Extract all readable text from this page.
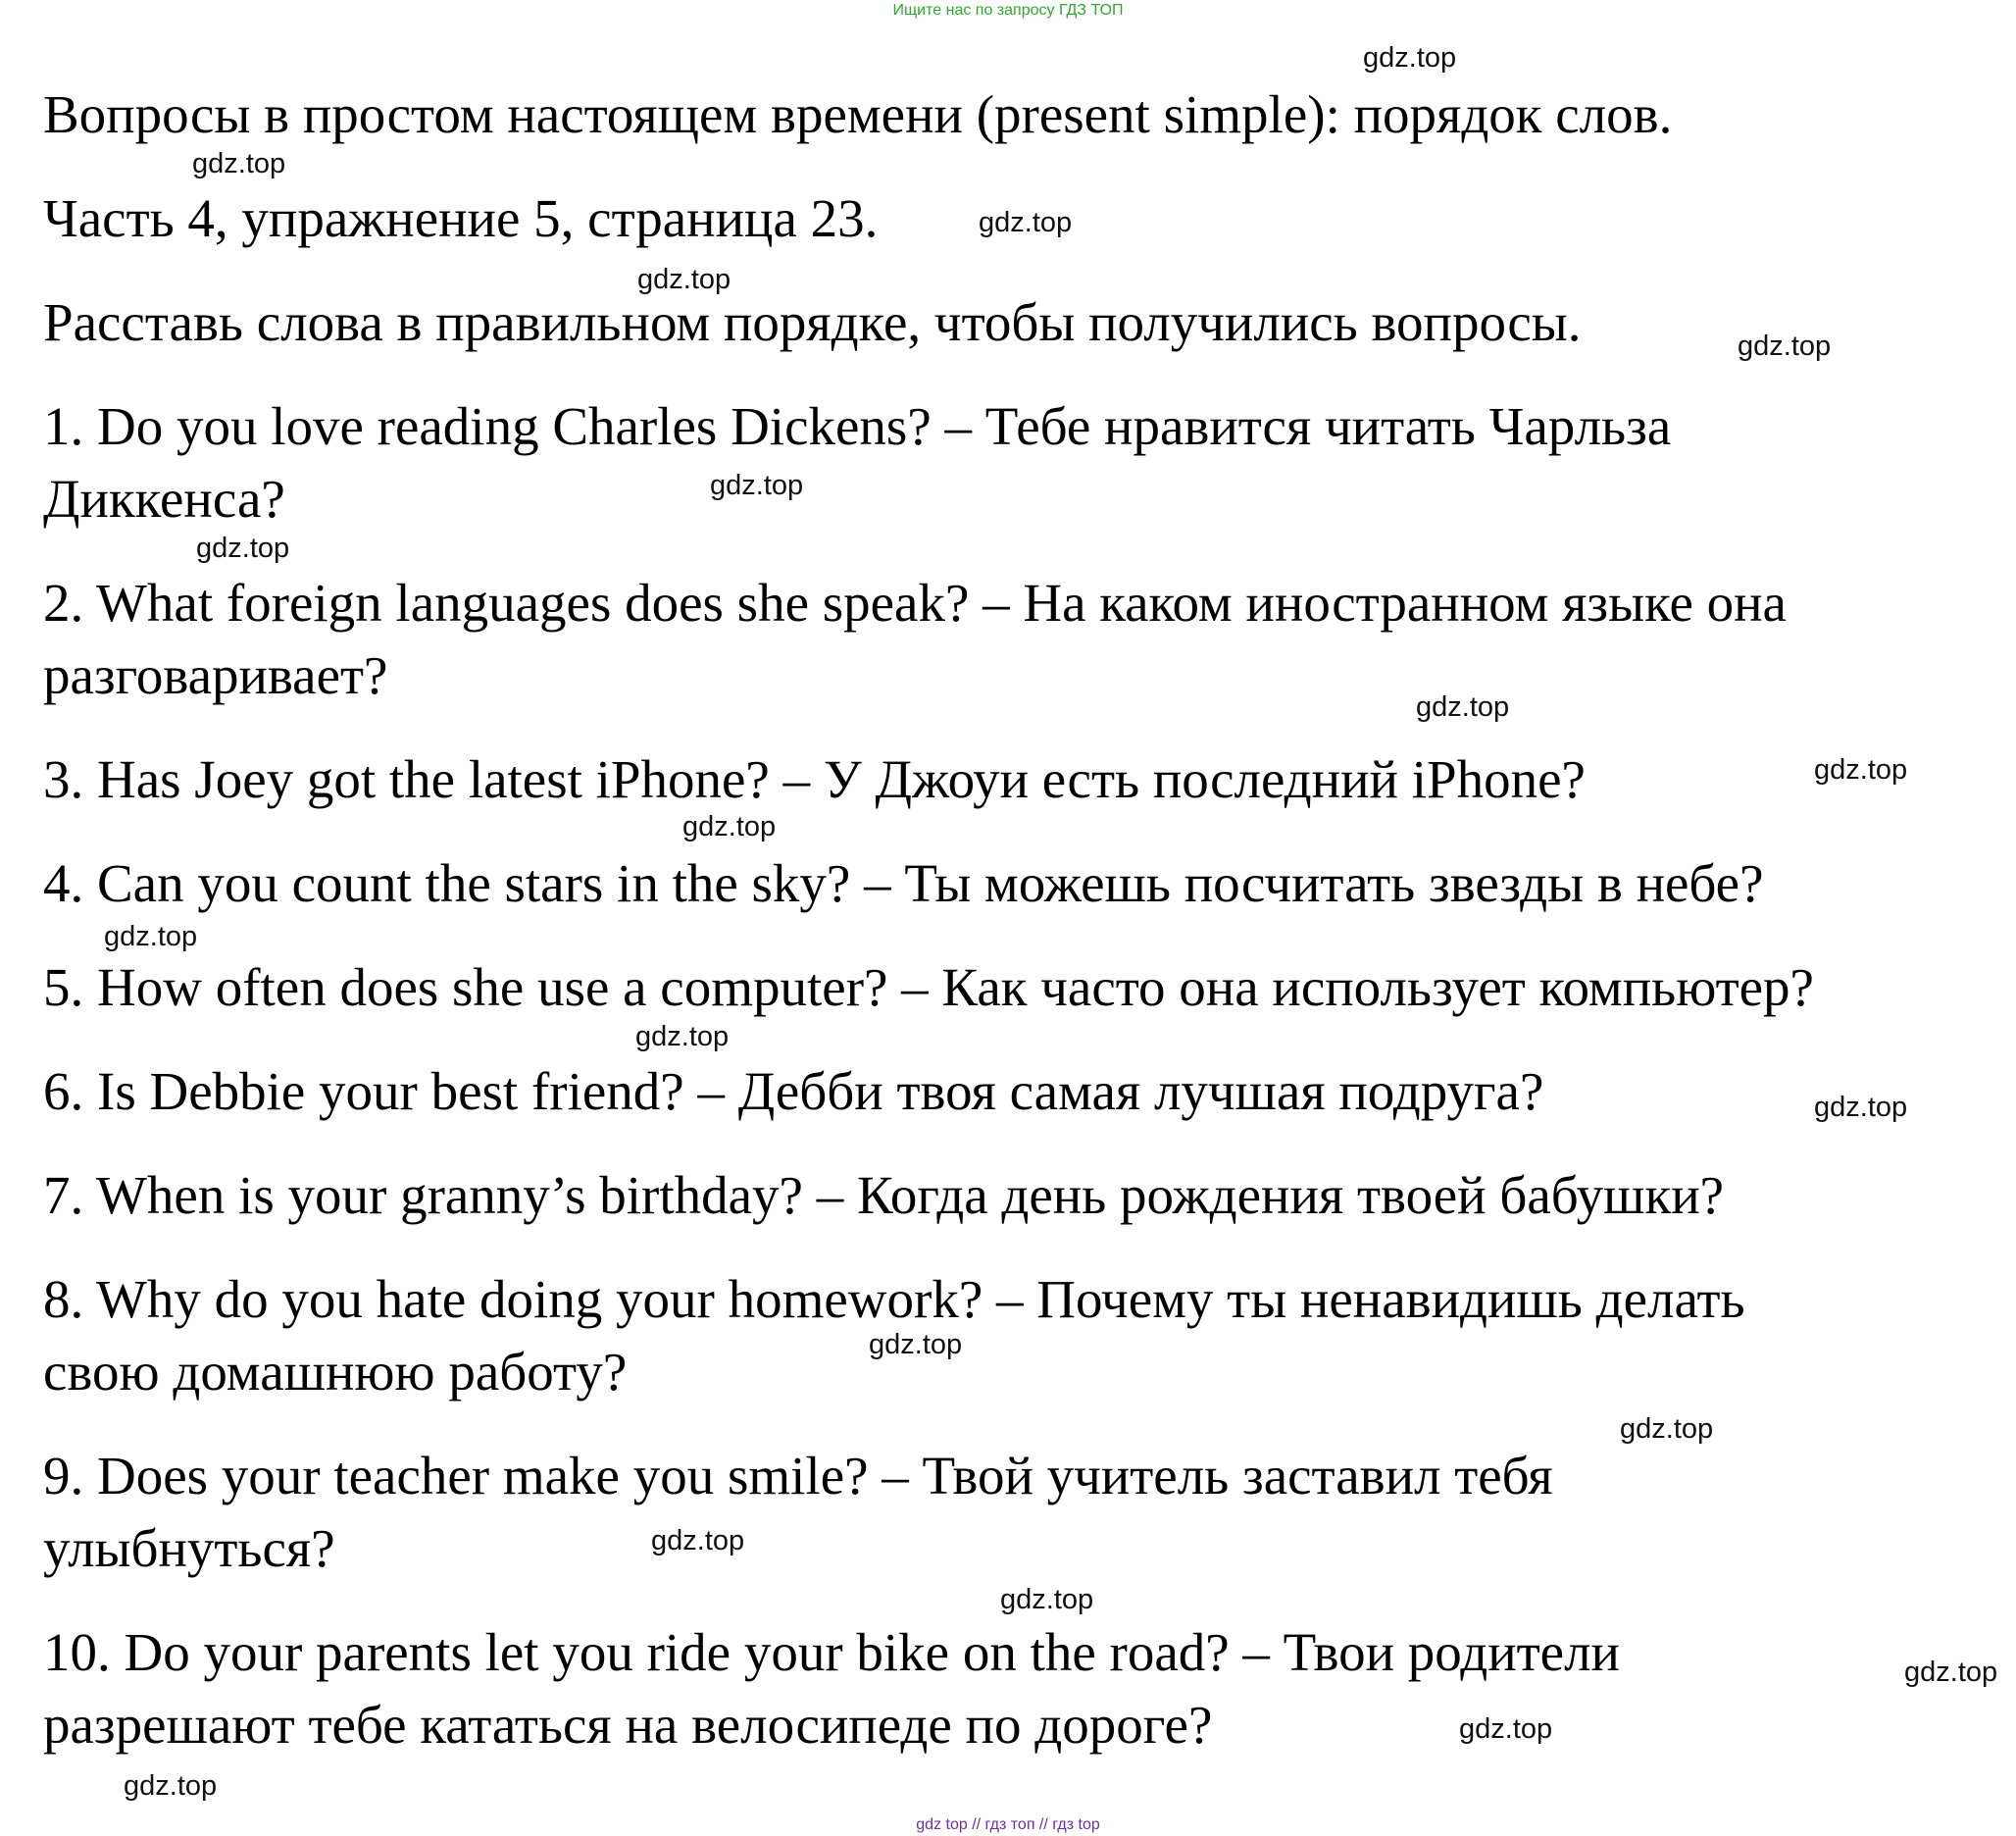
Ищите нас по запросу ГДЗ ТОП
Вопросы в простом настоящем времени (present simple): порядок слов.
Часть 4, упражнение 5, страница 23.
Расставь слова в правильном порядке, чтобы получились вопросы.
1. Do you love reading Charles Dickens? – Тебе нравится читать Чарльза
Диккенса?
2. What foreign languages does she speak? – На каком иностранном языке она
разговаривает?
3. Has Joey got the latest iPhone? – У Джоуи есть последний iPhone?
4. Can you count the stars in the sky? – Ты можешь посчитать звезды в небе?
5. How often does she use a computer? – Как часто она использует компьютер?
6. Is Debbie your best friend? – Дебби твоя самая лучшая подруга?
7. When is your granny’s birthday? – Когда день рождения твоей бабушки?
8. Why do you hate doing your homework? – Почему ты ненавидишь делать
свою домашнюю работу?
9. Does your teacher make you smile? – Твой учитель заставил тебя
улыбнуться?
10. Do your parents let you ride your bike on the road? – Твои родители
разрешают тебе кататься на велосипеде по дороге?
gdz.top
gdz.top
gdz.top
gdz.top
gdz.top
gdz.top
gdz.top
gdz.top
gdz.top
gdz.top
gdz.top
gdz.top
gdz.top
gdz.top
gdz.top
gdz.top
gdz.top
gdz.top
gdz.top
gdz.top
gdz top // гдз топ // гдз top
